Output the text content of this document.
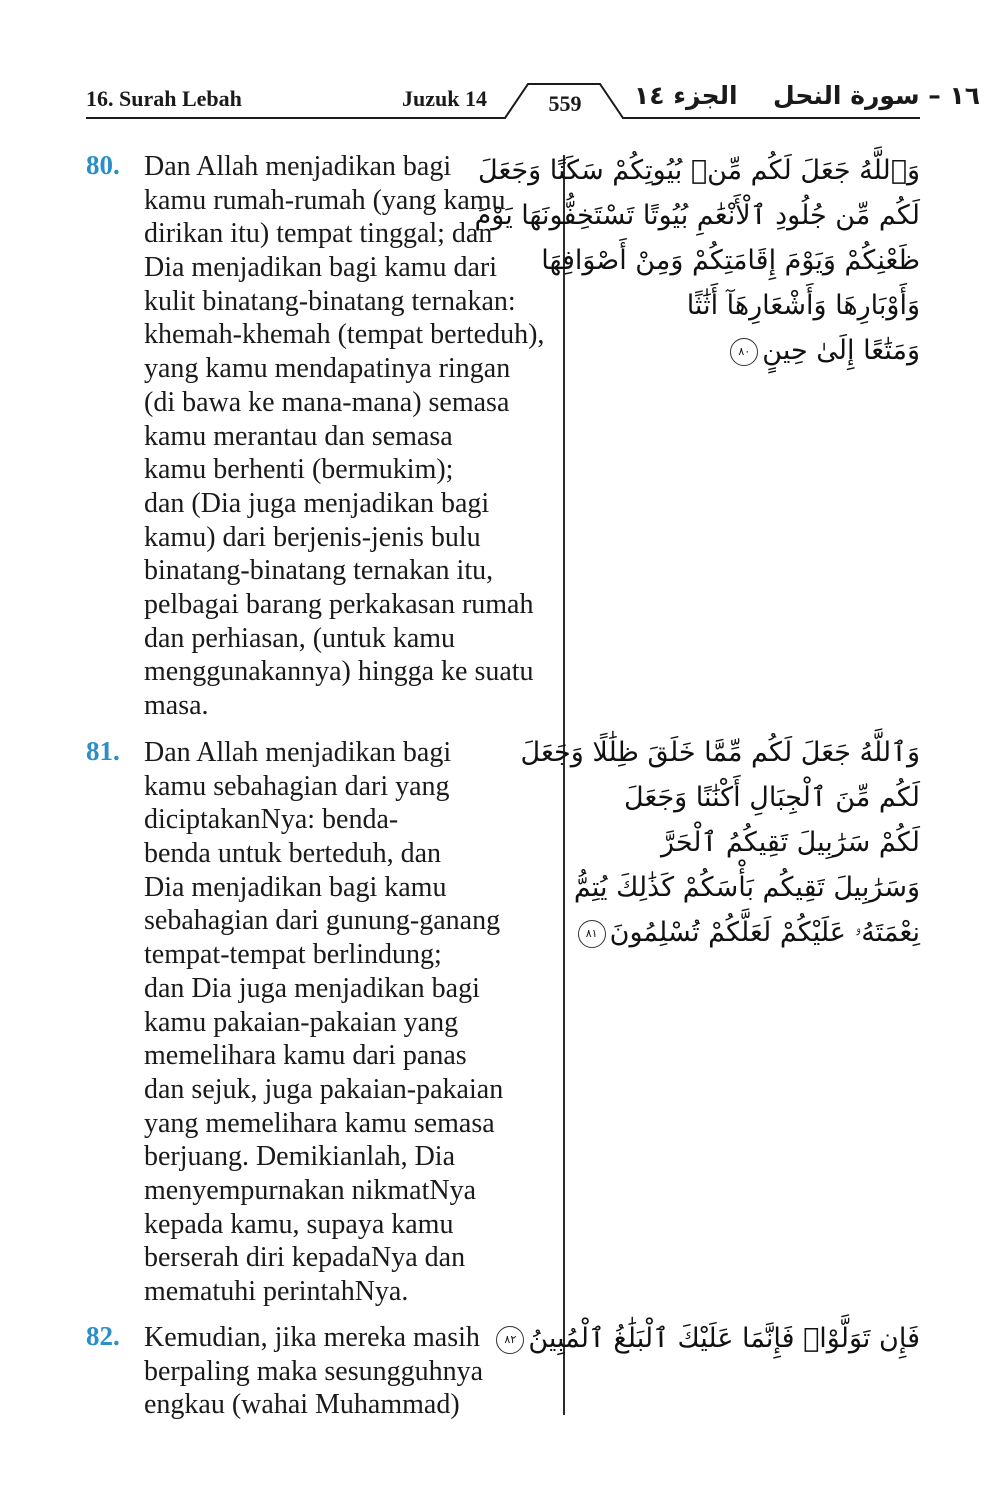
16. Surah Lebah	Juzuk 14	559 الجزء ١٤ ١٦ – سورة النحل
80. Dan Allah menjadikan bagi
kamu rumah-rumah (yang kamu
dirikan itu) tempat tinggal; dan
Dia menjadikan bagi kamu dari
kulit binatang-binatang ternakan:
khemah-khemah (tempat berteduh),
yang kamu mendapatinya ringan
(di bawa ke mana-mana) semasa
kamu merantau dan semasa
kamu berhenti (bermukim);
dan (Dia juga menjadikan bagi
kamu) dari berjenis-jenis bulu
binatang-binatang ternakan itu,
pelbagai barang perkakasan rumah
dan perhiasan, (untuk kamu
menggunakannya) hingga ke suatu
masa.
وَٱللَّهُ جَعَلَ لَكُم مِّنۢ بُيُوتِكُمْ سَكَنًا وَجَعَلَ
لَكُم مِّن جُلُودِ ٱلْأَنْعَٰمِ بُيُوتًا تَسْتَخِفُّونَهَا يَوْمَ
ظَعْنِكُمْ وَيَوْمَ إِقَامَتِكُمْ وَمِنْ أَصْوَافِهَا
وَأَوْبَارِهَا وَأَشْعَارِهَآ أَثَٰثًا
وَمَتَٰعًا إِلَىٰ حِينٍ٨٠
81. Dan Allah menjadikan bagi
kamu sebahagian dari yang
diciptakanNya: benda-
benda untuk berteduh, dan
Dia menjadikan bagi kamu
sebahagian dari gunung-ganang
tempat-tempat berlindung;
dan Dia juga menjadikan bagi
kamu pakaian-pakaian yang
memelihara kamu dari panas
dan sejuk, juga pakaian-pakaian
yang memelihara kamu semasa
berjuang. Demikianlah, Dia
menyempurnakan nikmatNya
kepada kamu, supaya kamu
berserah diri kepadaNya dan
mematuhi perintahNya.
وَٱللَّهُ جَعَلَ لَكُم مِّمَّا خَلَقَ ظِلَٰلًا وَجَعَلَ
لَكُم مِّنَ ٱلْجِبَالِ أَكْنَٰنًا وَجَعَلَ
لَكُمْ سَرَٰبِيلَ تَقِيكُمُ ٱلْحَرَّ
وَسَرَٰبِيلَ تَقِيكُم بَأْسَكُمْ كَذَٰلِكَ يُتِمُّ
نِعْمَتَهُۥ عَلَيْكُمْ لَعَلَّكُمْ تُسْلِمُونَ٨١
82. Kemudian, jika mereka masih
berpaling maka sesungguhnya
engkau (wahai Muhammad)
فَإِن تَوَلَّوْا۟ فَإِنَّمَا عَلَيْكَ ٱلْبَلَٰغُ ٱلْمُبِينُ٨٢
